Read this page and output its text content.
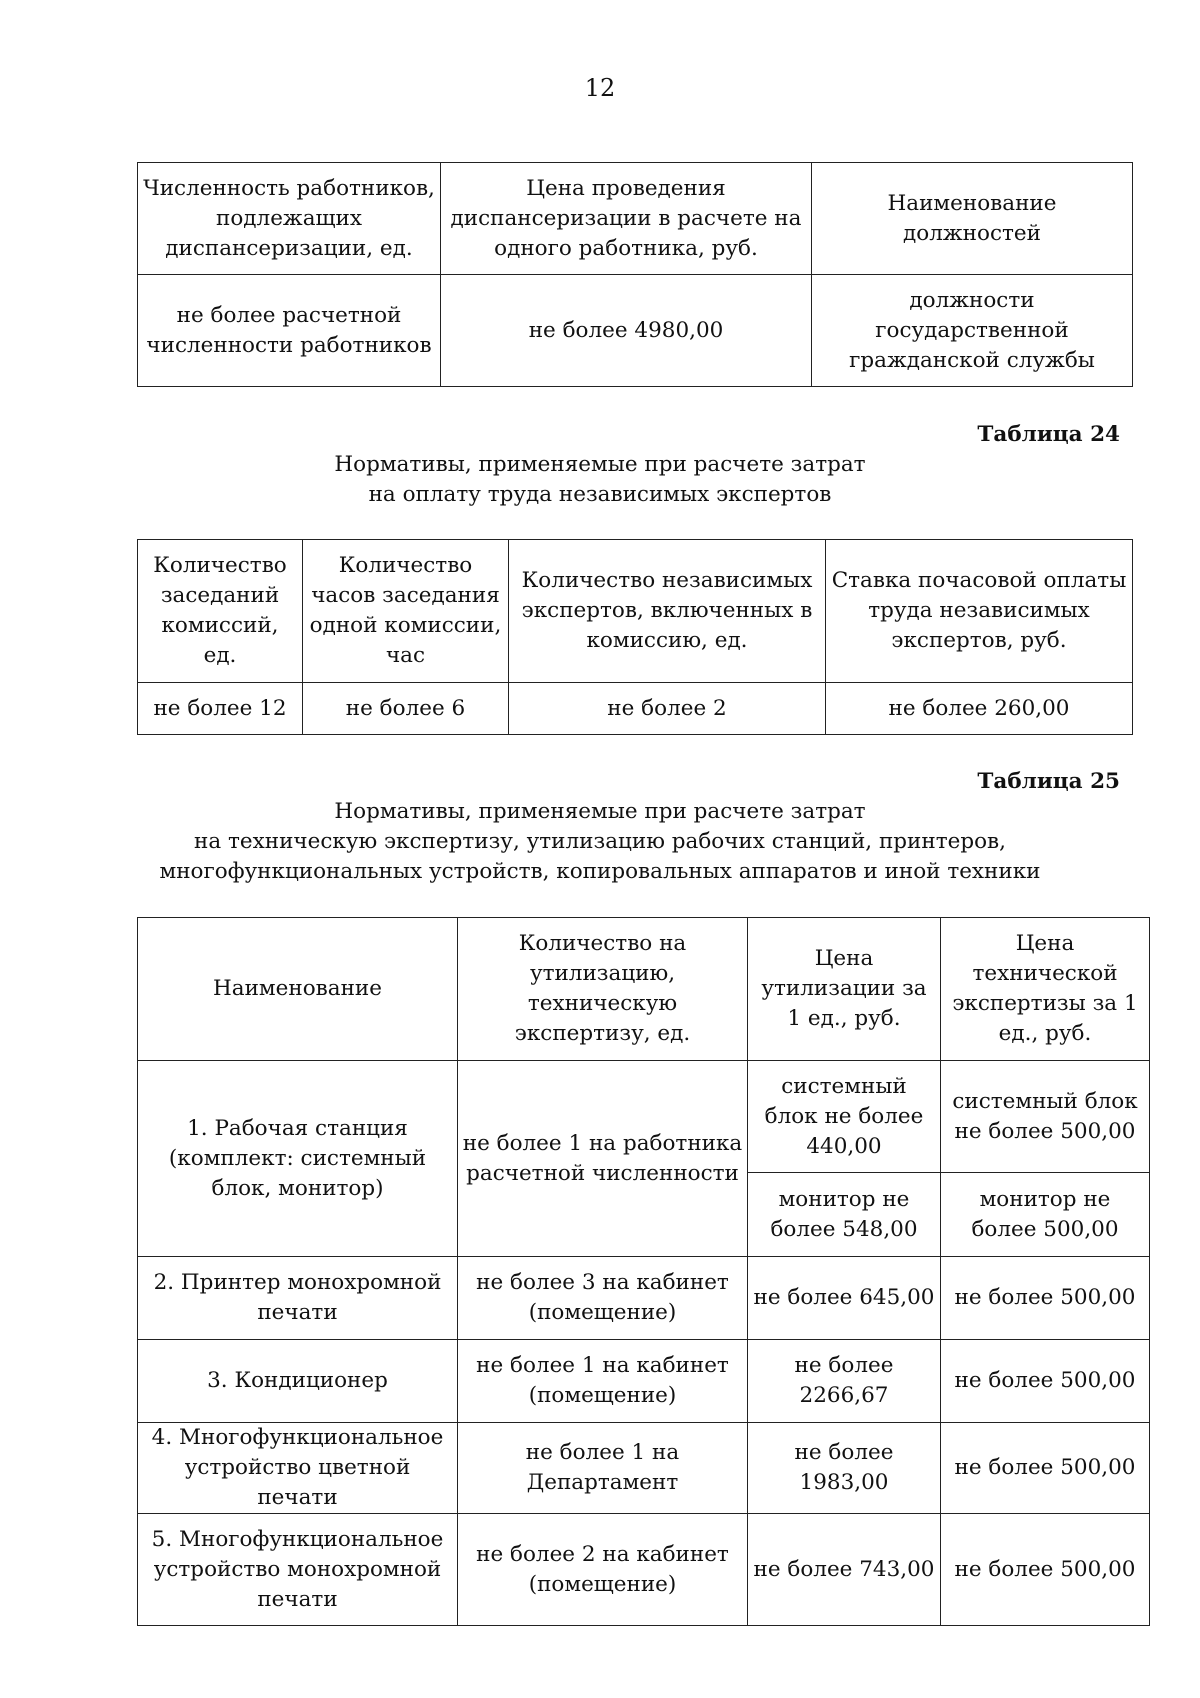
12
Численность работников, подлежащих диспансеризации, ед.	Цена проведения диспансеризации в расчете на одного работника, руб.	Наименование должностей
не более расчетной численности работников	не более 4980,00	должности государственной гражданской службы
Таблица 24
Нормативы, применяемые при расчете затрат
на оплату труда независимых экспертов
Количество заседаний комиссий, ед.	Количество часов заседания одной комиссии, час	Количество независимых экспертов, включенных в комиссию, ед.	Ставка почасовой оплаты труда независимых экспертов, руб.
не более 12	не более 6	не более 2	не более 260,00
Таблица 25
Нормативы, применяемые при расчете затрат
на техническую экспертизу, утилизацию рабочих станций, принтеров,
многофункциональных устройств, копировальных аппаратов и иной техники
Наименование	Количество на утилизацию, техническую экспертизу, ед.	Цена утилизации за 1 ед., руб.	Цена технической экспертизы за 1 ед., руб.
1. Рабочая станция (комплект: системный блок, монитор)	не более 1 на работника расчетной численности	системный блок не более 440,00	системный блок не более 500,00
		монитор не более 548,00	монитор не более 500,00
2. Принтер монохромной печати	не более 3 на кабинет (помещение)	не более 645,00	не более 500,00
3. Кондиционер	не более 1 на кабинет (помещение)	не более 2266,67	не более 500,00
4. Многофункциональное устройство цветной печати	не более 1 на Департамент	не более 1983,00	не более 500,00
5. Многофункциональное устройство монохромной печати	не более 2 на кабинет (помещение)	не более 743,00	не более 500,00
